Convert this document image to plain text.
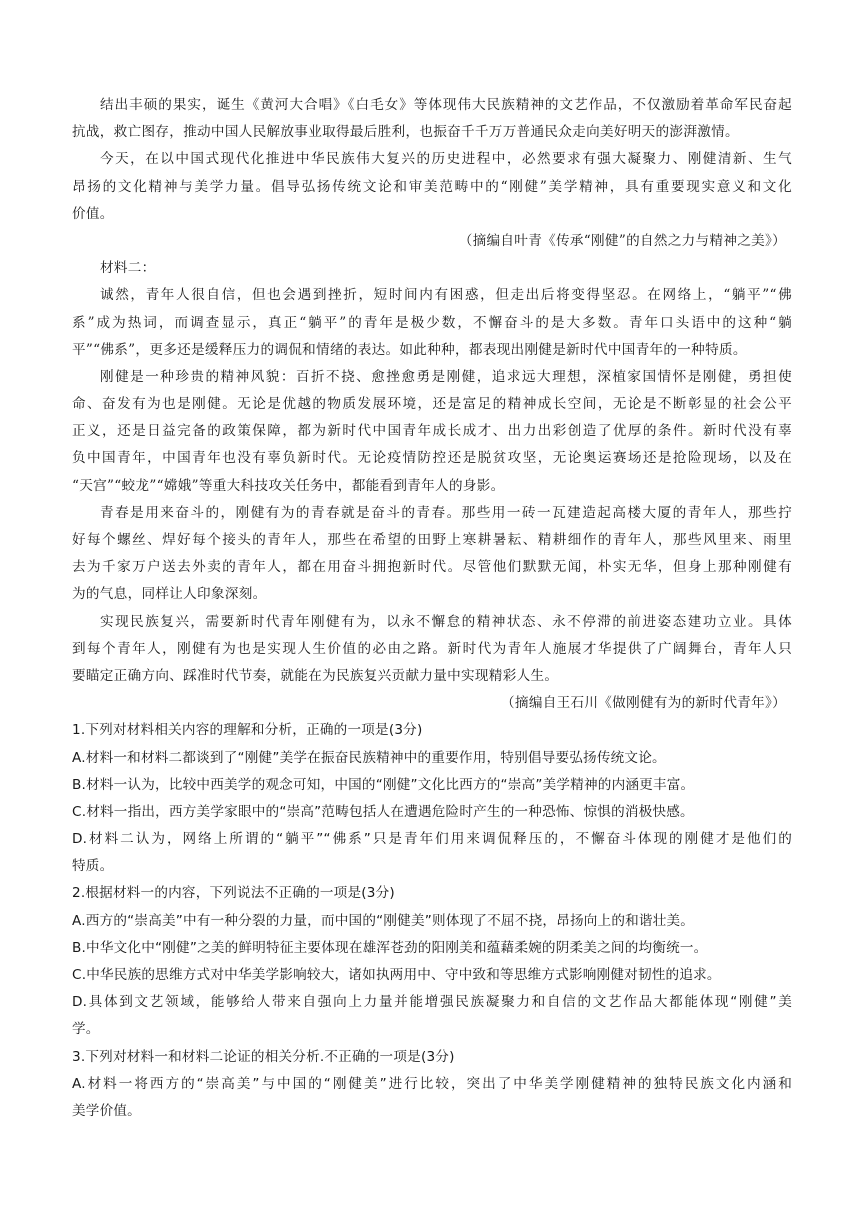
结出丰硕的果实，诞生《黄河大合唱》《白毛女》等体现伟大民族精神的文艺作品，不仅激励着革命军民奋起
抗战，救亡图存，推动中国人民解放事业取得最后胜利，也振奋千千万万普通民众走向美好明天的澎湃激情。
今天，在以中国式现代化推进中华民族伟大复兴的历史进程中，必然要求有强大凝聚力、刚健清新、生气
昂扬的文化精神与美学力量。倡导弘扬传统文论和审美范畴中的“刚健”美学精神，具有重要现实意义和文化
价值。
（摘编自叶青《传承“刚健”的自然之力与精神之美》）
材料二：
诚然，青年人很自信，但也会遇到挫折，短时间内有困惑，但走出后将变得坚忍。在网络上，“躺平”“佛
系”成为热词，而调查显示，真正“躺平”的青年是极少数，不懈奋斗的是大多数。青年口头语中的这种“躺
平”“佛系”，更多还是缓释压力的调侃和情绪的表达。如此种种，都表现出刚健是新时代中国青年的一种特质。
刚健是一种珍贵的精神风貌：百折不挠、愈挫愈勇是刚健，追求远大理想，深植家国情怀是刚健，勇担使
命、奋发有为也是刚健。无论是优越的物质发展环境，还是富足的精神成长空间，无论是不断彰显的社会公平
正义，还是日益完备的政策保障，都为新时代中国青年成长成才、出力出彩创造了优厚的条件。新时代没有辜
负中国青年，中国青年也没有辜负新时代。无论疫情防控还是脱贫攻坚，无论奥运赛场还是抢险现场，以及在
“天宫”“蛟龙”“嫦娥”等重大科技攻关任务中，都能看到青年人的身影。
青春是用来奋斗的，刚健有为的青春就是奋斗的青春。那些用一砖一瓦建造起高楼大厦的青年人，那些拧
好每个螺丝、焊好每个接头的青年人，那些在希望的田野上寒耕暑耘、精耕细作的青年人，那些风里来、雨里
去为千家万户送去外卖的青年人，都在用奋斗拥抱新时代。尽管他们默默无闻，朴实无华，但身上那种刚健有
为的气息，同样让人印象深刻。
实现民族复兴，需要新时代青年刚健有为，以永不懈怠的精神状态、永不停滞的前进姿态建功立业。具体
到每个青年人，刚健有为也是实现人生价值的必由之路。新时代为青年人施展才华提供了广阔舞台，青年人只
要瞄定正确方向、踩准时代节奏，就能在为民族复兴贡献力量中实现精彩人生。
（摘编自王石川《做刚健有为的新时代青年》）
1.下列对材料相关内容的理解和分析，正确的一项是(3分)
A.材料一和材料二都谈到了“刚健”美学在振奋民族精神中的重要作用，特别倡导要弘扬传统文论。
B.材料一认为，比较中西美学的观念可知，中国的“刚健”文化比西方的“崇高”美学精神的内涵更丰富。
C.材料一指出，西方美学家眼中的“崇高”范畴包括人在遭遇危险时产生的一种恐怖、惊惧的消极快感。
D.材料二认为，网络上所谓的“躺平”“佛系”只是青年们用来调侃释压的，不懈奋斗体现的刚健才是他们的
特质。
2.根据材料一的内容，下列说法不正确的一项是(3分)
A.西方的“崇高美”中有一种分裂的力量，而中国的“刚健美”则体现了不屈不挠，昂扬向上的和谐壮美。
B.中华文化中“刚健”之美的鲜明特征主要体现在雄浑苍劲的阳刚美和蕴藉柔婉的阴柔美之间的均衡统一。
C.中华民族的思维方式对中华美学影响较大，诸如执两用中、守中致和等思维方式影响刚健对韧性的追求。
D.具体到文艺领域，能够给人带来自强向上力量并能增强民族凝聚力和自信的文艺作品大都能体现“刚健”美
学。
3.下列对材料一和材料二论证的相关分析.不正确的一项是(3分)
A.材料一将西方的“崇高美”与中国的“刚健美”进行比较，突出了中华美学刚健精神的独特民族文化内涵和
美学价值。
